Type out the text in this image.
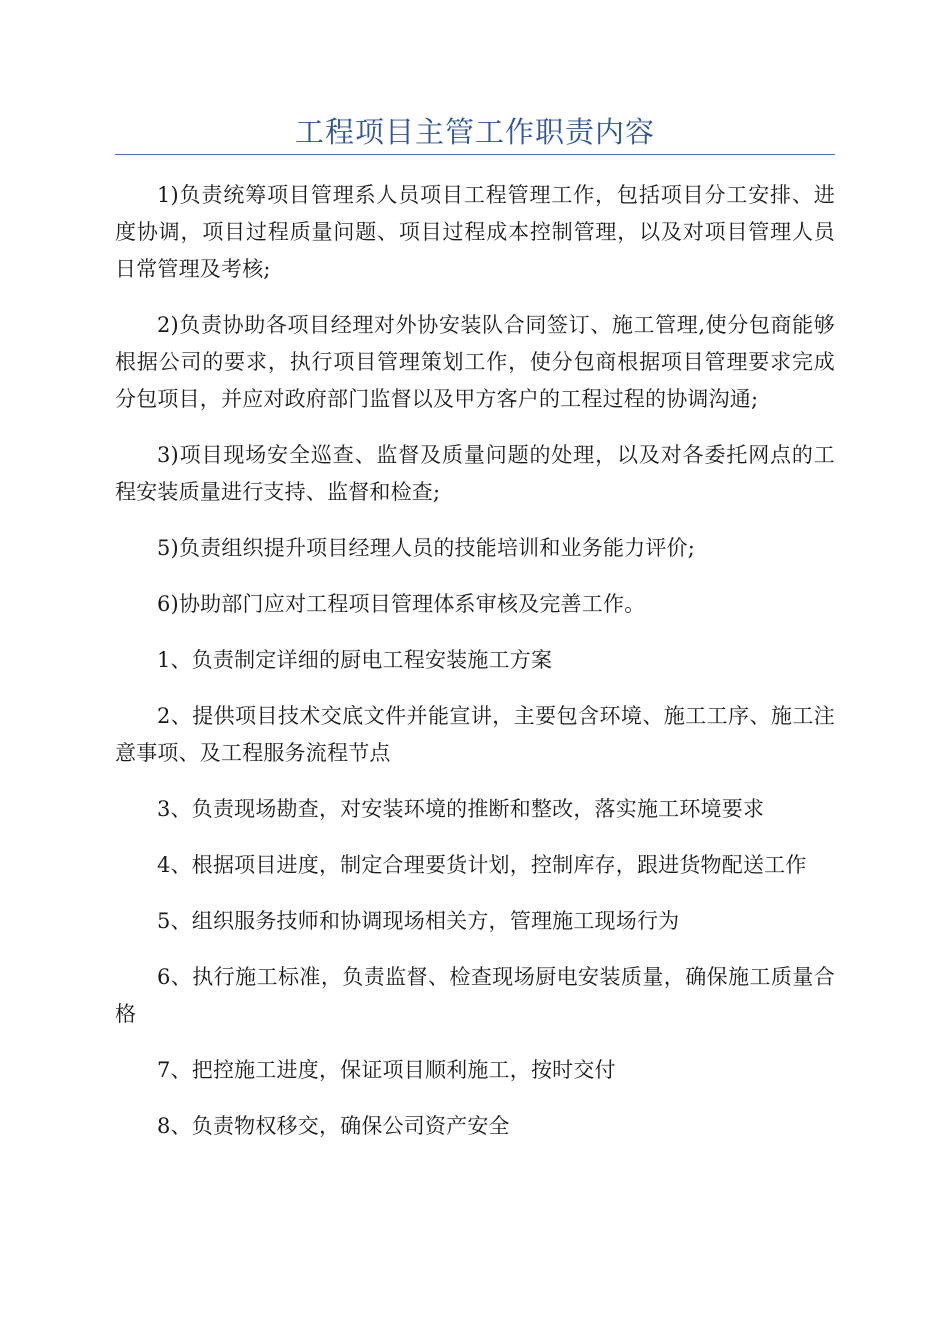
工程项目主管工作职责内容

1)负责统筹项目管理系人员项目工程管理工作，包括项目分工安排、进度协调，项目过程质量问题、项目过程成本控制管理，以及对项目管理人员日常管理及考核;

2)负责协助各项目经理对外协安装队合同签订、施工管理,使分包商能够根据公司的要求，执行项目管理策划工作，使分包商根据项目管理要求完成分包项目，并应对政府部门监督以及甲方客户的工程过程的协调沟通;

3)项目现场安全巡查、监督及质量问题的处理，以及对各委托网点的工程安装质量进行支持、监督和检查;

5)负责组织提升项目经理人员的技能培训和业务能力评价;

6)协助部门应对工程项目管理体系审核及完善工作。

1、负责制定详细的厨电工程安装施工方案

2、提供项目技术交底文件并能宣讲，主要包含环境、施工工序、施工注意事项、及工程服务流程节点

3、负责现场勘查，对安装环境的推断和整改，落实施工环境要求

4、根据项目进度，制定合理要货计划，控制库存，跟进货物配送工作

5、组织服务技师和协调现场相关方，管理施工现场行为

6、执行施工标准，负责监督、检查现场厨电安装质量，确保施工质量合格

7、把控施工进度，保证项目顺利施工，按时交付

8、负责物权移交，确保公司资产安全
